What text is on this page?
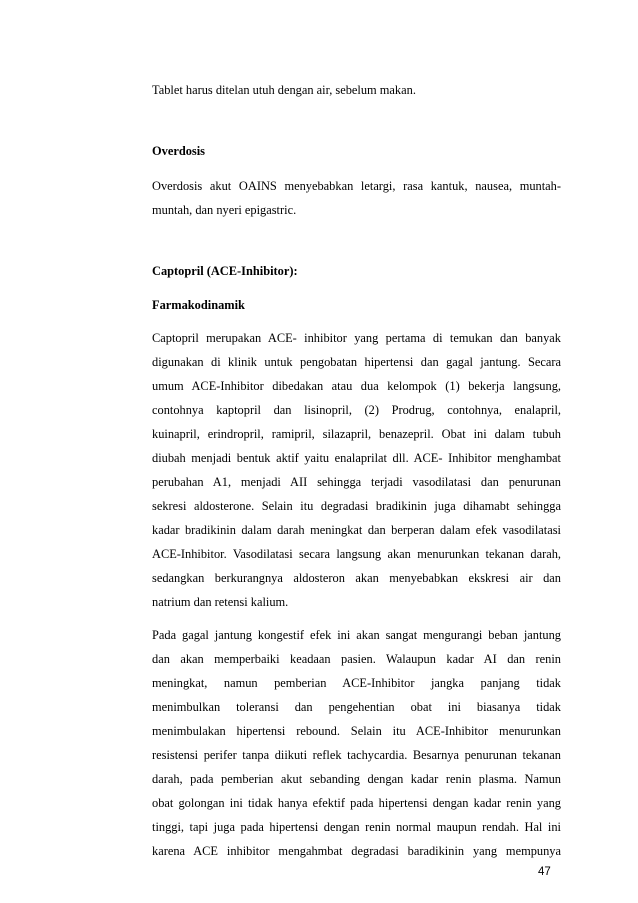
Tablet harus ditelan utuh dengan air, sebelum makan.
Overdosis
Overdosis akut OAINS menyebabkan letargi, rasa kantuk, nausea, muntah-
muntah, dan nyeri epigastric.
Captopril (ACE-Inhibitor):
Farmakodinamik
Captopril merupakan ACE- inhibitor yang pertama di temukan dan banyak
digunakan di klinik untuk pengobatan hipertensi dan gagal jantung. Secara
umum ACE-Inhibitor dibedakan atau dua kelompok (1) bekerja langsung,
contohnya kaptopril dan lisinopril, (2) Prodrug, contohnya, enalapril,
kuinapril, erindropril, ramipril, silazapril, benazepril. Obat ini dalam tubuh
diubah menjadi bentuk aktif yaitu enalaprilat dll. ACE- Inhibitor menghambat
perubahan A1, menjadi AII sehingga terjadi vasodilatasi dan penurunan
sekresi aldosterone. Selain itu degradasi bradikinin juga dihamabt sehingga
kadar bradikinin dalam darah meningkat dan berperan dalam efek vasodilatasi
ACE-Inhibitor. Vasodilatasi secara langsung akan menurunkan tekanan darah,
sedangkan berkurangnya aldosteron akan menyebabkan ekskresi air dan
natrium dan retensi kalium.
Pada gagal jantung kongestif efek ini akan sangat mengurangi beban jantung
dan akan memperbaiki keadaan pasien. Walaupun kadar AI dan renin
meningkat, namun pemberian ACE-Inhibitor jangka panjang tidak
menimbulkan toleransi dan pengehentian obat ini biasanya tidak
menimbulakan hipertensi rebound. Selain itu ACE-Inhibitor menurunkan
resistensi perifer tanpa diikuti reflek tachycardia. Besarnya penurunan tekanan
darah, pada pemberian akut sebanding dengan kadar renin plasma. Namun
obat golongan ini tidak hanya efektif pada hipertensi dengan kadar renin yang
tinggi, tapi juga pada hipertensi dengan renin normal maupun rendah. Hal ini
karena ACE inhibitor mengahmbat degradasi baradikinin yang mempunya
47
